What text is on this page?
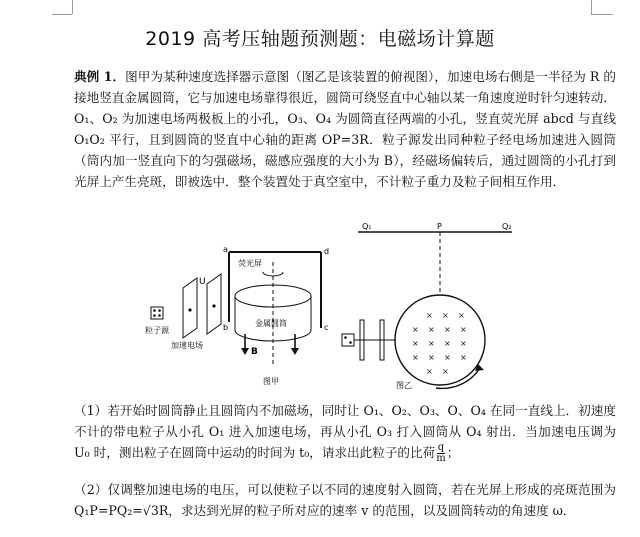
2019 高考压轴题预测题：电磁场计算题
典例 1．图甲为某种速度选择器示意图（图乙是该装置的俯视图），加速电场右侧是一半径为 R 的接地竖直金属圆筒，它与加速电场靠得很近，圆筒可绕竖直中心轴以某一角速度逆时针匀速转动．O₁、O₂ 为加速电场两极板上的小孔，O₃、O₄ 为圆筒直径两端的小孔，竖直荧光屏 abcd 与直线 O₁O₂ 平行，且到圆筒的竖直中心轴的距离 OP=3R．粒子源发出同种粒子经电场加速进入圆筒（筒内加一竖直向下的匀强磁场，磁感应强度的大小为 B），经磁场偏转后，通过圆筒的小孔打到光屏上产生亮斑，即被选中．整个装置处于真空室中，不计粒子重力及粒子间相互作用．
粒子源
U
加速电场
a	d
b	c
荧光屏
金属圆筒
B
图甲
Q₁	P	Q₂
× × ×
× × × ×
× × × ×
× × × ×
× ×
图乙
（1）若开始时圆筒静止且圆筒内不加磁场，同时让 O₁、O₂、O₃、O、O₄ 在同一直线上．初速度不计的带电粒子从小孔 O₁ 进入加速电场，再从小孔 O₃ 打入圆筒从 O₄ 射出．当加速电压调为 U₀ 时，测出粒子在圆筒中运动的时间为 t₀，请求出此粒子的比荷 $\frac{q}{m}$ ；
（2）仅调整加速电场的电压，可以使粒子以不同的速度射入圆筒，若在光屏上形成的亮斑范围为 Q₁P=PQ₂=√3R，求达到光屏的粒子所对应的速率 v 的范围，以及圆筒转动的角速度 ω．
